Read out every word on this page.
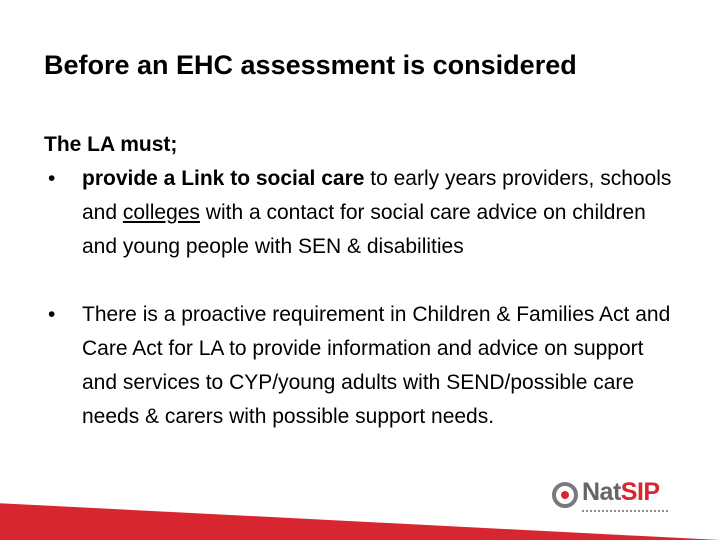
Before an EHC assessment is considered

The LA must;

• provide a Link to social care to early years providers, schools and colleges with a contact for social care advice on children and young people with SEN & disabilities

• There is a proactive requirement in Children & Families Act and Care Act for LA to provide information and advice on support and services to CYP/young adults with SEND/possible care needs & carers with possible support needs.

NatSIP
